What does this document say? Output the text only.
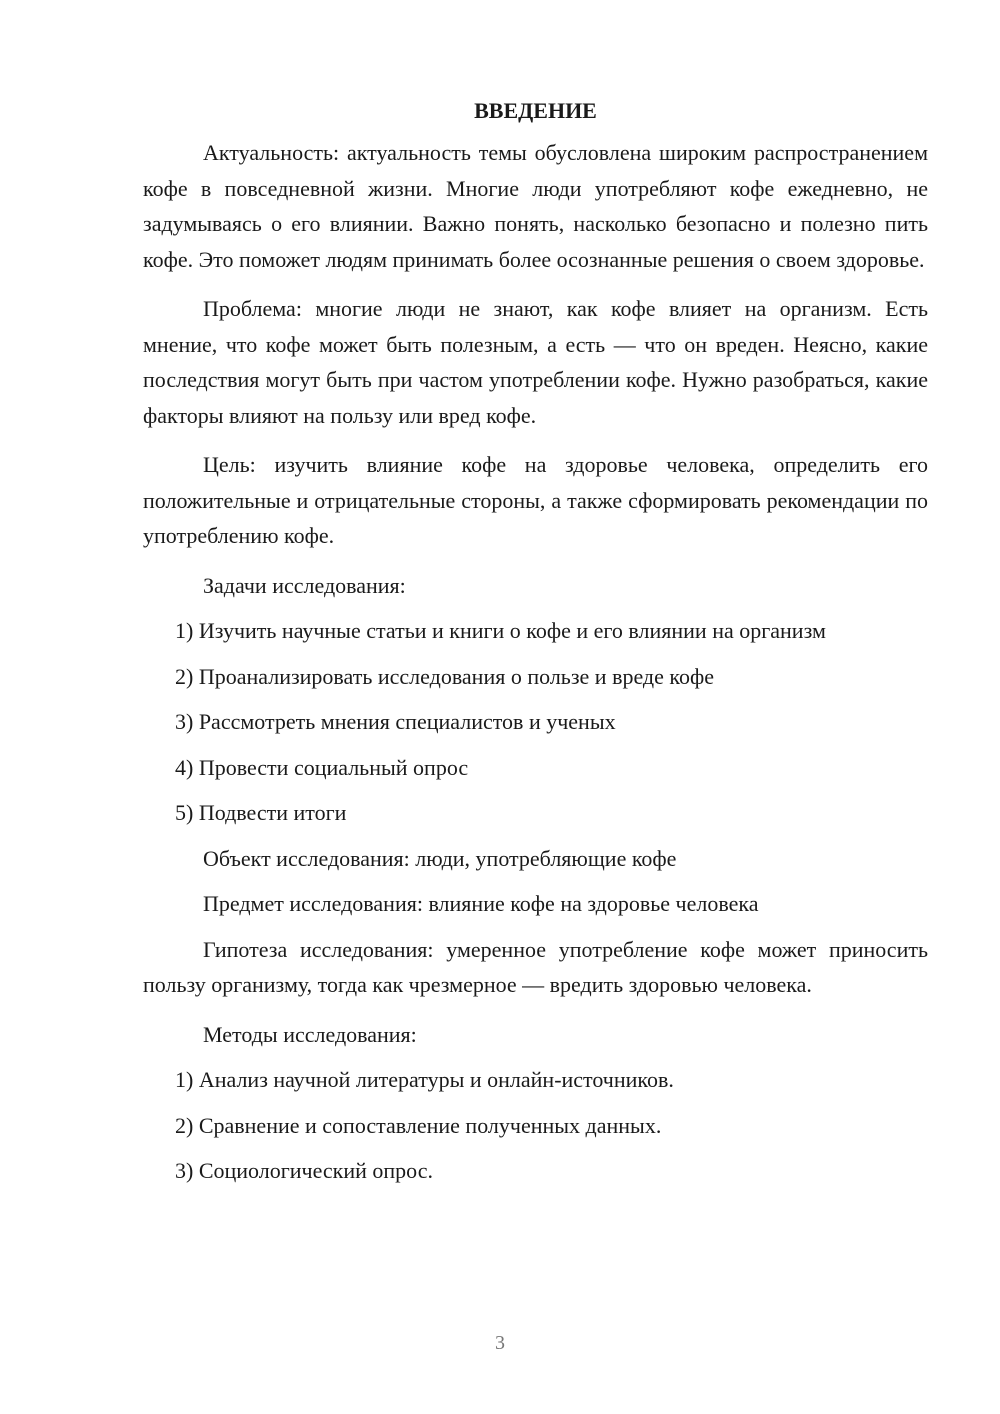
ВВЕДЕНИЕ

Актуальность: актуальность темы обусловлена широким распространением кофе в повседневной жизни. Многие люди употребляют кофе ежедневно, не задумываясь о его влиянии. Важно понять, насколько безопасно и полезно пить кофе. Это поможет людям принимать более осознанные решения о своем здоровье.

Проблема: многие люди не знают, как кофе влияет на организм. Есть мнение, что кофе может быть полезным, а есть — что он вреден. Неясно, какие последствия могут быть при частом употреблении кофе. Нужно разобраться, какие факторы влияют на пользу или вред кофе.

Цель: изучить влияние кофе на здоровье человека, определить его положительные и отрицательные стороны, а также сформировать рекомендации по употреблению кофе.

Задачи исследования:
1) Изучить научные статьи и книги о кофе и его влиянии на организм
2) Проанализировать исследования о пользе и вреде кофе
3) Рассмотреть мнения специалистов и ученых
4) Провести социальный опрос
5) Подвести итоги
Объект исследования: люди, употребляющие кофе
Предмет исследования: влияние кофе на здоровье человека

Гипотеза исследования: умеренное употребление кофе может приносить пользу организму, тогда как чрезмерное — вредить здоровью человека.

Методы исследования:
1) Анализ научной литературы и онлайн-источников.
2) Сравнение и сопоставление полученных данных.
3) Социологический опрос.
3
